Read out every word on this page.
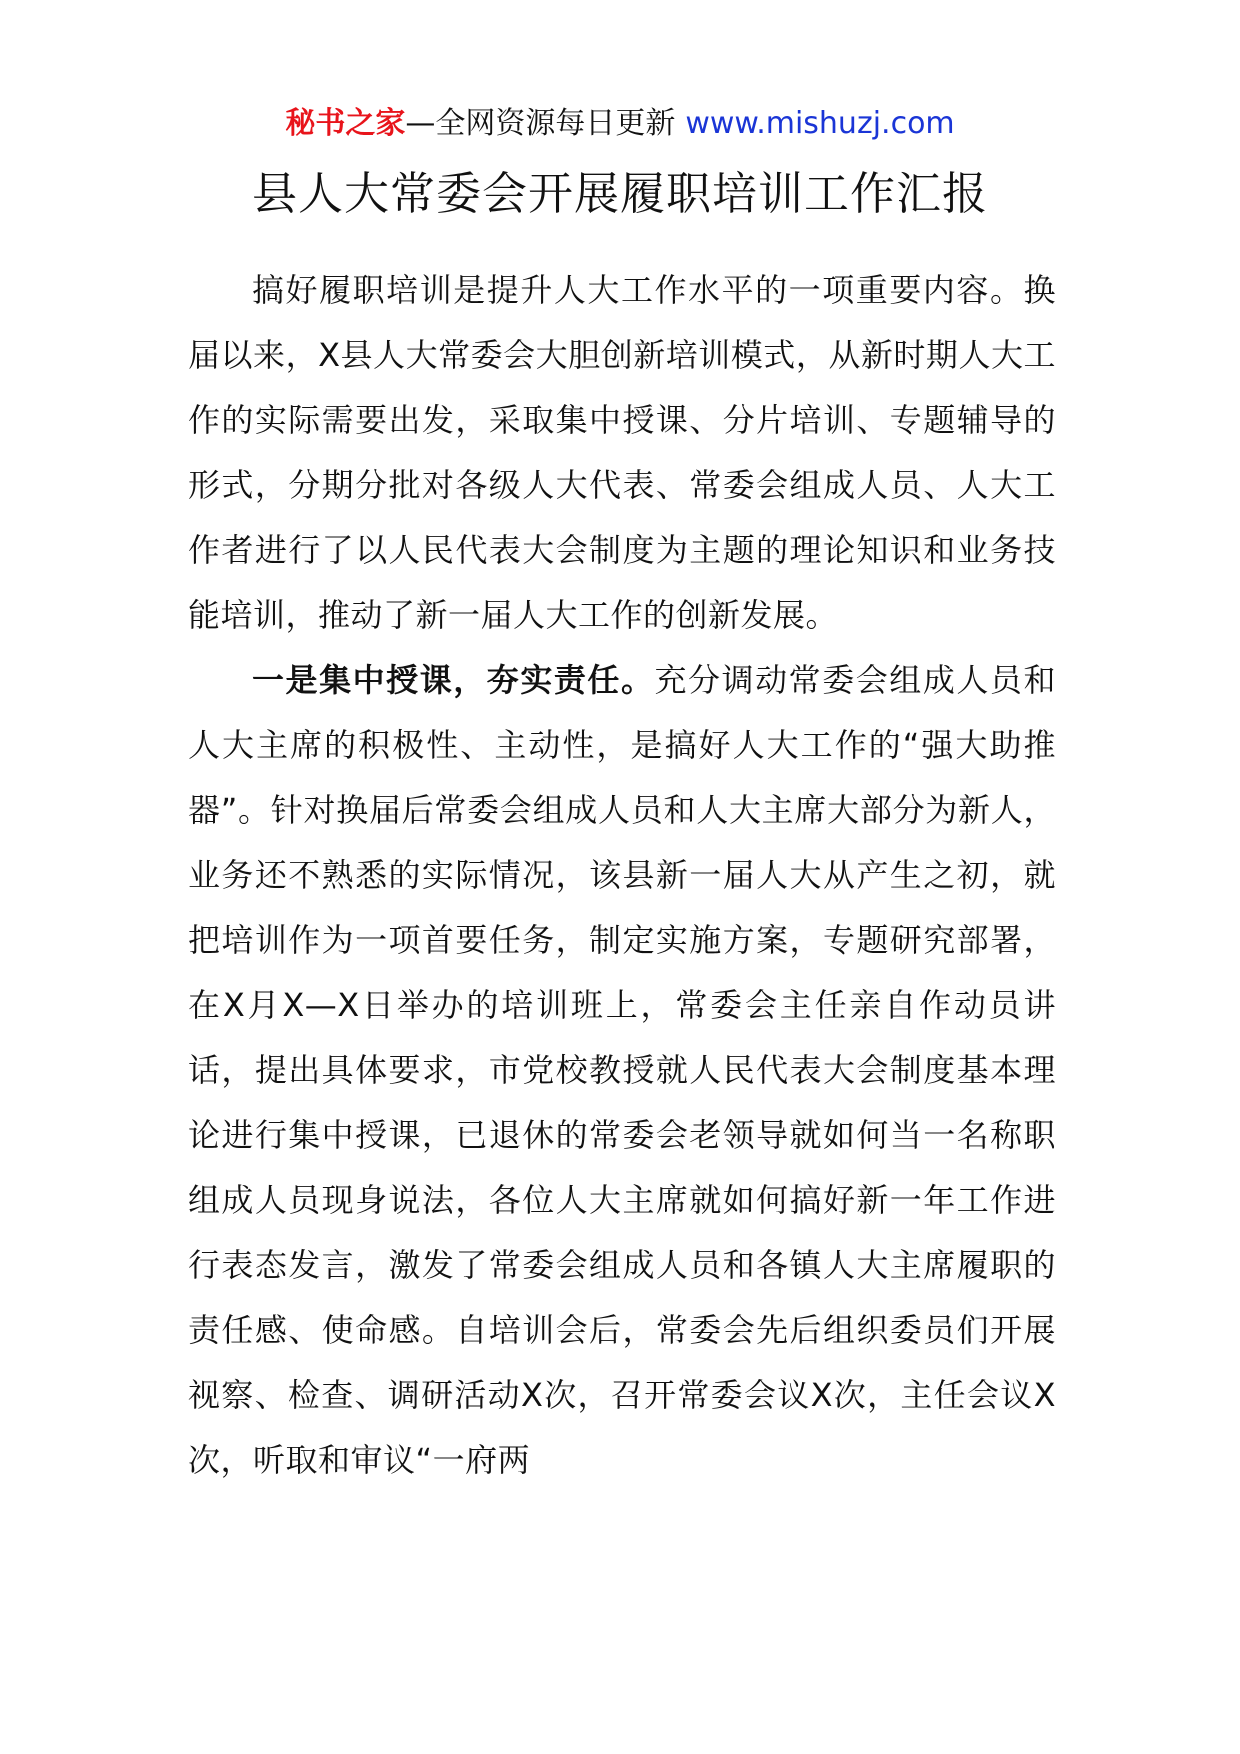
秘书之家—全网资源每日更新 www.mishuzj.com
县人大常委会开展履职培训工作汇报

搞好履职培训是提升人大工作水平的一项重要内容。换届以来，X县人大常委会大胆创新培训模式，从新时期人大工作的实际需要出发，采取集中授课、分片培训、专题辅导的形式，分期分批对各级人大代表、常委会组成人员、人大工作者进行了以人民代表大会制度为主题的理论知识和业务技能培训，推动了新一届人大工作的创新发展。

一是集中授课，夯实责任。充分调动常委会组成人员和人大主席的积极性、主动性，是搞好人大工作的“强大助推器”。针对换届后常委会组成人员和人大主席大部分为新人，业务还不熟悉的实际情况，该县新一届人大从产生之初，就把培训作为一项首要任务，制定实施方案，专题研究部署，在X月X—X日举办的培训班上，常委会主任亲自作动员讲话，提出具体要求，市党校教授就人民代表大会制度基本理论进行集中授课，已退休的常委会老领导就如何当一名称职组成人员现身说法，各位人大主席就如何搞好新一年工作进行表态发言，激发了常委会组成人员和各镇人大主席履职的责任感、使命感。自培训会后，常委会先后组织委员们开展视察、检查、调研活动X次，召开常委会议X次，主任会议X次，听取和审议“一府两
